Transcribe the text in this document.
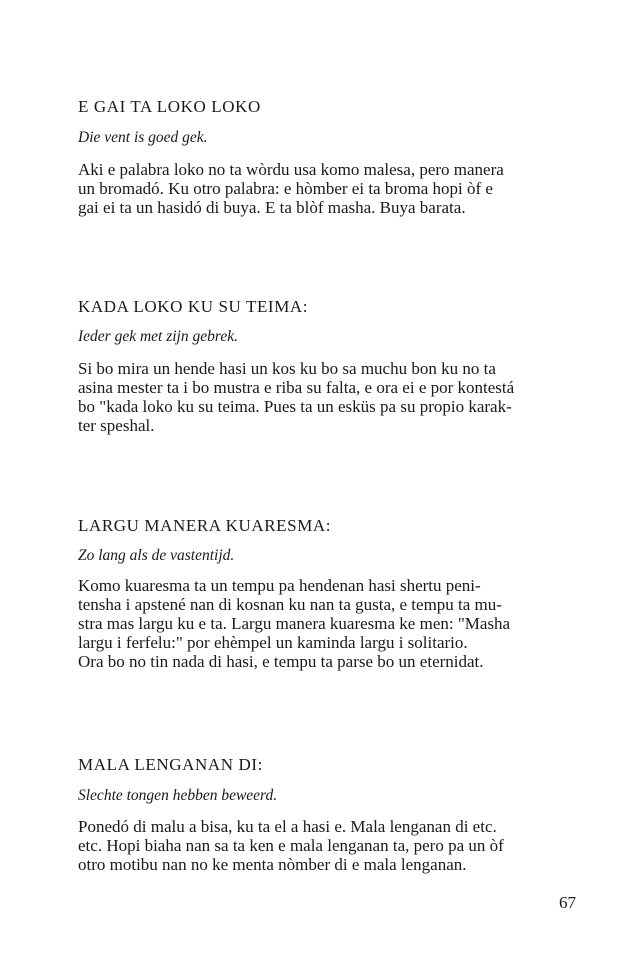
E GAI TA LOKO LOKO
Die vent is goed gek.
Aki e palabra loko no ta wòrdu usa komo malesa, pero manera
un bromadó. Ku otro palabra: e hòmber ei ta broma hopi òf e
gai ei ta un hasidó di buya. E ta blòf masha. Buya barata.
KADA LOKO KU SU TEIMA:
Ieder gek met zijn gebrek.
Si bo mira un hende hasi un kos ku bo sa muchu bon ku no ta
asina mester ta i bo mustra e riba su falta, e ora ei e por kontestá
bo "kada loko ku su teima. Pues ta un esküs pa su propio karak-
ter speshal.
LARGU MANERA KUARESMA:
Zo lang als de vastentijd.
Komo kuaresma ta un tempu pa hendenan hasi shertu peni-
tensha i apstené nan di kosnan ku nan ta gusta, e tempu ta mu-
stra mas largu ku e ta. Largu manera kuaresma ke men: "Masha
largu i ferfelu:" por ehèmpel un kaminda largu i solitario.
Ora bo no tin nada di hasi, e tempu ta parse bo un eternidat.
MALA LENGANAN DI:
Slechte tongen hebben beweerd.
Ponedó di malu a bisa, ku ta el a hasi e. Mala lenganan di etc.
etc. Hopi biaha nan sa ta ken e mala lenganan ta, pero pa un òf
otro motibu nan no ke menta nòmber di e mala lenganan.
67
